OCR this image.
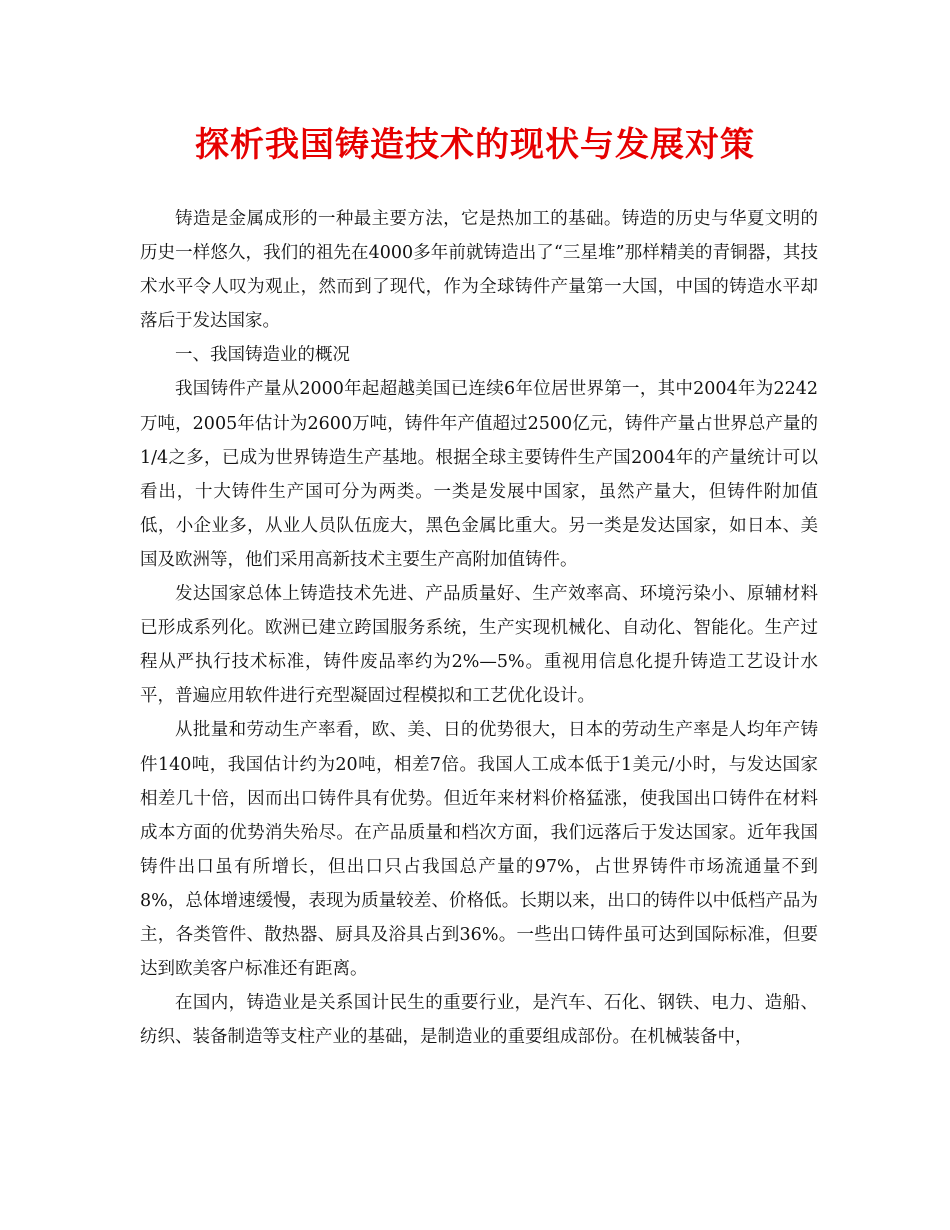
探析我国铸造技术的现状与发展对策

铸造是金属成形的一种最主要方法，它是热加工的基础。铸造的历史与华夏文明的历史一样悠久，我们的祖先在4000多年前就铸造出了“三星堆”那样精美的青铜器，其技术水平令人叹为观止，然而到了现代，作为全球铸件产量第一大国，中国的铸造水平却落后于发达国家。

一、我国铸造业的概况

我国铸件产量从2000年起超越美国已连续6年位居世界第一，其中2004年为2242万吨，2005年估计为2600万吨，铸件年产值超过2500亿元，铸件产量占世界总产量的1/4之多，已成为世界铸造生产基地。根据全球主要铸件生产国2004年的产量统计可以看出，十大铸件生产国可分为两类。一类是发展中国家，虽然产量大，但铸件附加值低，小企业多，从业人员队伍庞大，黑色金属比重大。另一类是发达国家，如日本、美国及欧洲等，他们采用高新技术主要生产高附加值铸件。

发达国家总体上铸造技术先进、产品质量好、生产效率高、环境污染小、原辅材料已形成系列化。欧洲已建立跨国服务系统，生产实现机械化、自动化、智能化。生产过程从严执行技术标准，铸件废品率约为2%—5%。重视用信息化提升铸造工艺设计水平，普遍应用软件进行充型凝固过程模拟和工艺优化设计。

从批量和劳动生产率看，欧、美、日的优势很大，日本的劳动生产率是人均年产铸件140吨，我国估计约为20吨，相差7倍。我国人工成本低于1美元/小时，与发达国家相差几十倍，因而出口铸件具有优势。但近年来材料价格猛涨，使我国出口铸件在材料成本方面的优势消失殆尽。在产品质量和档次方面，我们远落后于发达国家。近年我国铸件出口虽有所增长，但出口只占我国总产量的97%，占世界铸件市场流通量不到8%，总体增速缓慢，表现为质量较差、价格低。长期以来，出口的铸件以中低档产品为主，各类管件、散热器、厨具及浴具占到36%。一些出口铸件虽可达到国际标准，但要达到欧美客户标准还有距离。

在国内，铸造业是关系国计民生的重要行业，是汽车、石化、钢铁、电力、造船、纺织、装备制造等支柱产业的基础，是制造业的重要组成部份。在机械装备中，
